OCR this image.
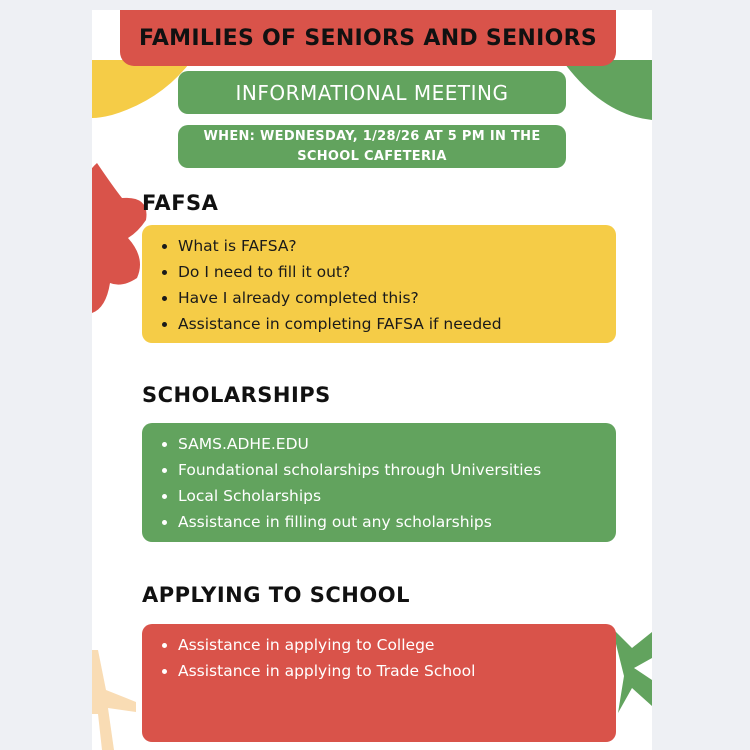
FAMILIES OF SENIORS AND SENIORS
INFORMATIONAL MEETING
WHEN: WEDNESDAY, 1/28/26 AT 5 PM IN THE
SCHOOL CAFETERIA
FAFSA
• What is FAFSA?
• Do I need to fill it out?
• Have I already completed this?
• Assistance in completing FAFSA if needed
SCHOLARSHIPS
• SAMS.ADHE.EDU
• Foundational scholarships through Universities
• Local Scholarships
• Assistance in filling out any scholarships
APPLYING TO SCHOOL
• Assistance in applying to College
• Assistance in applying to Trade School
